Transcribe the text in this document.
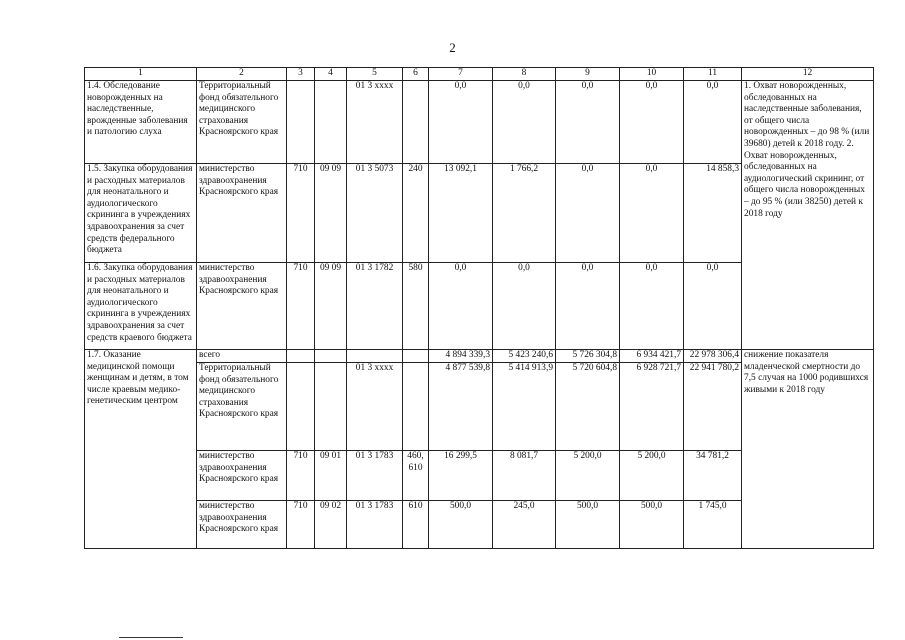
2
1	2	3	4	5	6	7	8	9	10	11	12
1.4. Обследование новорожденных на наследственные, врожденные заболевания и патологию слуха	Территориальный фонд обязательного медицинского страхования Красноярского края			01 3 хххх		0,0	0,0	0,0	0,0	0,0	1. Охват новорожденных, обследованных на наследственные заболевания, от общего числа новорожденных – до 98 % (или 39680) детей к 2018 году. 2. Охват новорожденных, обследованных на аудиологический скрининг, от общего числа новорожденных – до 95 % (или 38250) детей к 2018 году
1.5. Закупка оборудования и расходных материалов для неонатального и аудиологического скрининга в учреждениях здравоохранения за счет средств федерального бюджета	министерство здравоохранения Красноярского края	710	09 09	01 3 5073	240	13 092,1	1 766,2	0,0	0,0	14 858,3	
1.6. Закупка оборудования и расходных материалов для неонатального и аудиологического скрининга в учреждениях здравоохранения за счет средств краевого бюджета	министерство здравоохранения Красноярского края	710	09 09	01 3 1782	580	0,0	0,0	0,0	0,0	0,0	
1.7. Оказание медицинской помощи женщинам и детям, в том числе краевым медико-генетическим центром	всего					4 894 339,3	5 423 240,6	5 726 304,8	6 934 421,7	22 978 306,4	снижение показателя младенческой смертности до 7,5 случая на 1000 родившихся живыми к 2018 году
	Территориальный фонд обязательного медицинского страхования Красноярского края			01 3 хххх		4 877 539,8	5 414 913,9	5 720 604,8	6 928 721,7	22 941 780,2	
	министерство здравоохранения Красноярского края	710	09 01	01 3 1783	460, 610	16 299,5	8 081,7	5 200,0	5 200,0	34 781,2	
	министерство здравоохранения Красноярского края	710	09 02	01 3 1783	610	500,0	245,0	500,0	500,0	1 745,0	
